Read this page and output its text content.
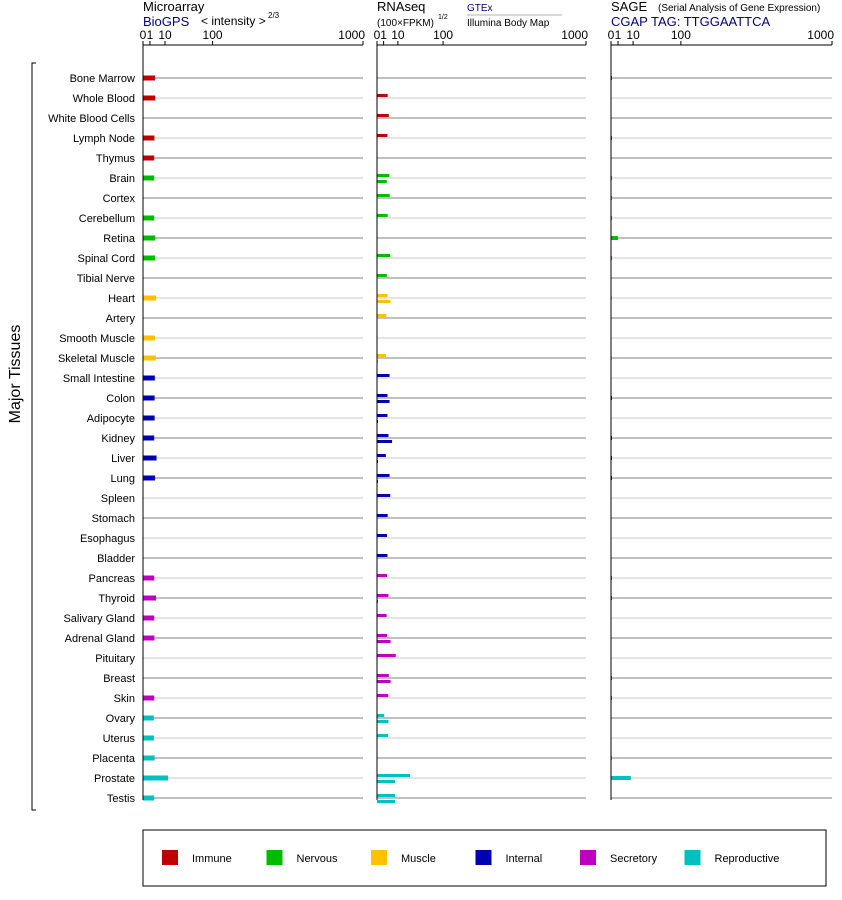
0 1 10	100	1000 0 1 10 100	1000 0 1 10	100	1000
Bone Marrow
Whole Blood
White Blood Cells
Lymph Node
Thymus
Brain
Cortex
Cerebellum
Retina
Spinal Cord
Tibial Nerve
Heart
Artery
Smooth Muscle
Skeletal Muscle
Small Intestine
Colon
Adipocyte
Kidney
Liver
Lung
Spleen
Stomach
Esophagus
Bladder
Pancreas
Thyroid
Salivary Gland
Adrenal Gland
Pituitary
Breast
Skin
Ovary
Uterus
Placenta
Prostate
Testis
Major Tissues
Microarray
BioGPS < intensity > 2/3
RNAseq
(100×FPKM)
1/2
GTEx
Illumina Body Map
SAGE (Serial Analysis of Gene Expression)
CGAP TAG: TTGGAATTCA
Immune	Nervous	Muscle	Internal	Secretory	Reproductive
